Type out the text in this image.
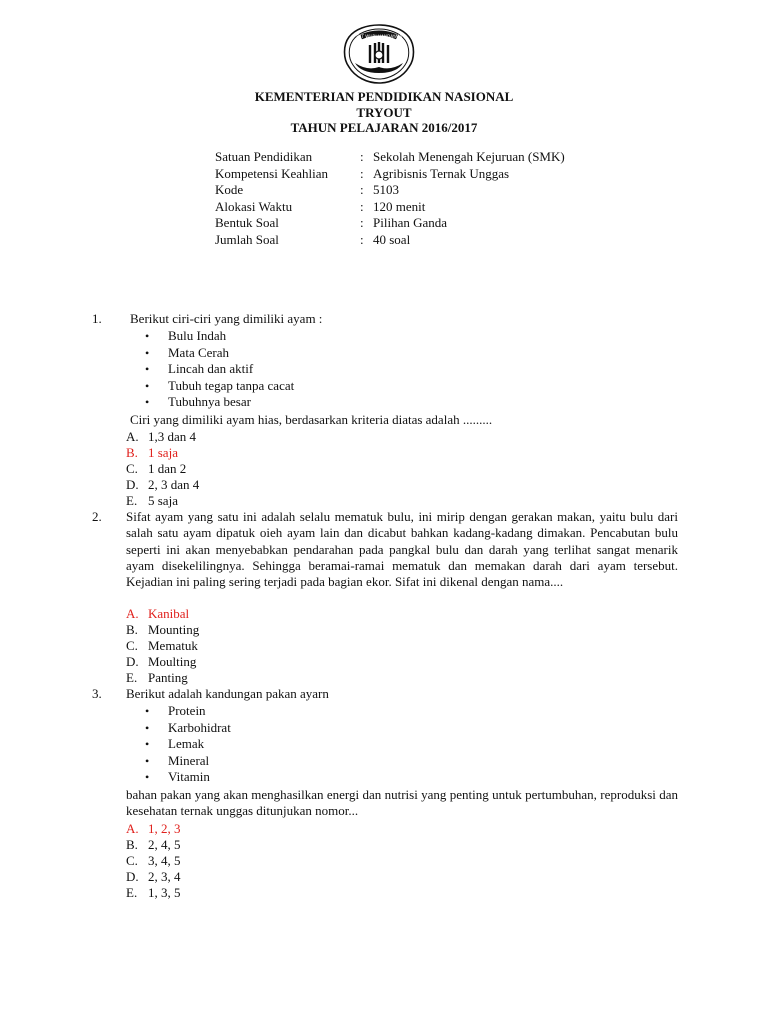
TUT WURI HANDAYANI
KEMENTERIAN PENDIDIKAN NASIONAL
TRYOUT
TAHUN PELAJARAN 2016/2017
Satuan Pendidikan	: Sekolah Menengah Kejuruan (SMK)
Kompetensi Keahlian	: Agribisnis Ternak Unggas
Kode	: 5103
Alokasi Waktu	: 120 menit
Bentuk Soal	: Pilihan Ganda
Jumlah Soal	: 40 soal
1. Berikut ciri-ciri yang dimiliki ayam :
•	Bulu Indah
•	Mata Cerah
•	Lincah dan aktif
•	Tubuh tegap tanpa cacat
•	Tubuhnya besar
Ciri yang dimiliki ayam hias, berdasarkan kriteria diatas adalah .........
A. 1,3 dan 4
B. 1 saja
C. 1 dan 2
D. 2, 3 dan 4
E. 5 saja
2. Sifat ayam yang satu ini adalah selalu mematuk bulu, ini mirip dengan gerakan makan, yaitu bulu dari salah satu ayam dipatuk oieh ayam lain dan dicabut bahkan kadang-kadang dimakan. Pencabutan bulu seperti ini akan menyebabkan pendarahan pada pangkal bulu dan darah yang terlihat sangat menarik ayam disekelilingnya. Sehingga beramai-ramai mematuk dan memakan darah dari ayam tersebut. Kejadian ini paling sering terjadi pada bagian ekor. Sifat ini dikenal dengan nama....
A. Kanibal
B. Mounting
C. Mematuk
D. Moulting
E. Panting
3. Berikut adalah kandungan pakan ayarn
•	Protein
•	Karbohidrat
•	Lemak
•	Mineral
•	Vitamin
bahan pakan yang akan menghasilkan energi dan nutrisi yang penting untuk pertumbuhan, reproduksi dan kesehatan ternak unggas ditunjukan nomor...
A. 1, 2, 3
B. 2, 4, 5
C. 3, 4, 5
D. 2, 3, 4
E. 1, 3, 5
